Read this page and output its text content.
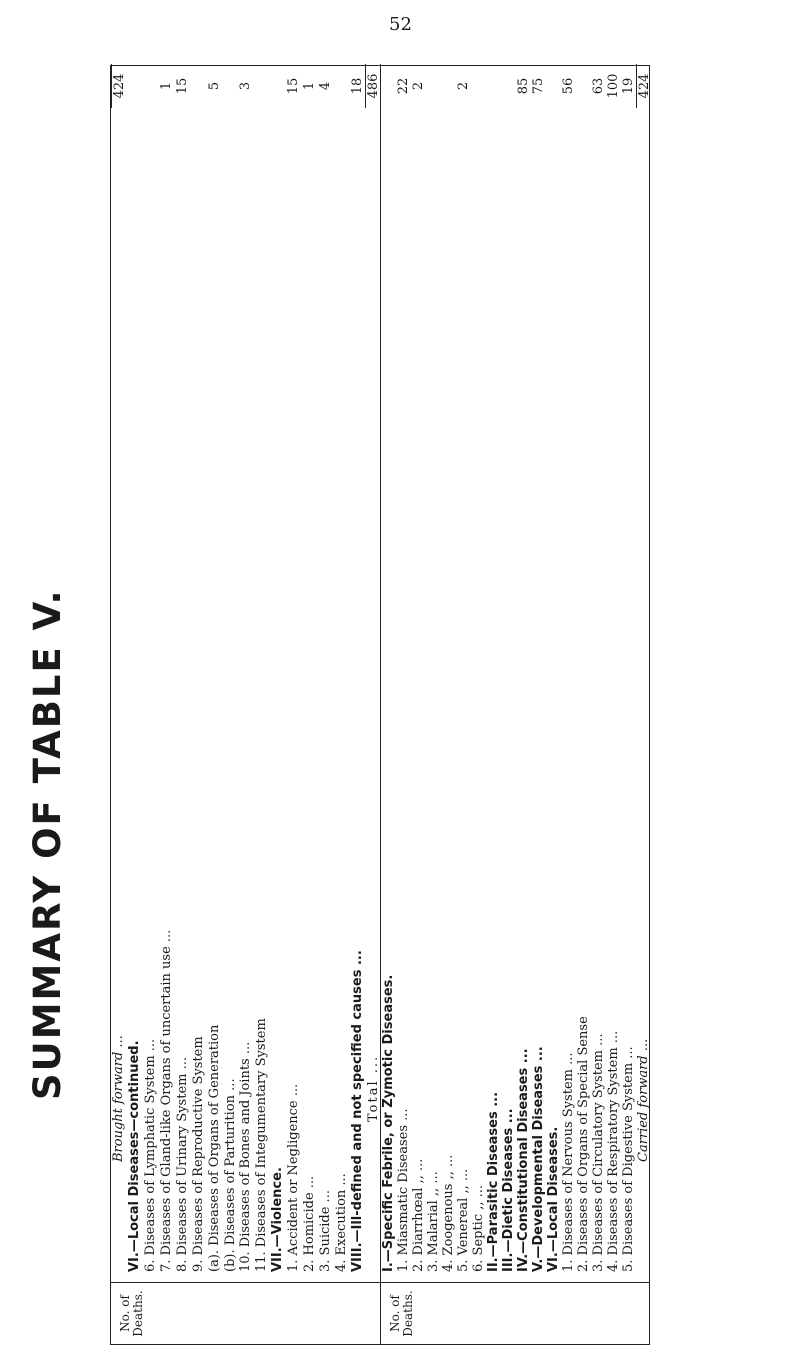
52
SUMMARY OF TABLE V.
No. of Deaths.
Brought forward ...
424
VI.—Local Diseases—continued. 6. Diseases of Lymphatic System ... 7. Diseases of Gland-like Organs of uncertain use ...
1
8. Diseases of Urinary System ...
15
9. Diseases of Reproductive System (a). Diseases of Organs of Generation
5
(b). Diseases of Parturition ... 10. Diseases of Bones and Joints ...
3
11. Diseases of Integumentary System VII.—Violence. 1. Accident or Negligence ...
15
2. Homicide ...
1
3. Suicide ...
4
4. Execution ... VIII.—Ill-defined and not specified causes ...
18
Total ...
486
No. of Deaths.
I.—Specific Febrile, or Zymotic Diseases. 1. Miasmatic Diseases ...
22
2. Diarrhœal ,, ...
2
3. Malarial ,, ... 4. Zoogenous ,, ... 5. Venereal ,, ...
2
6. Septic ,, ... II.—Parasitic Diseases ... III.—Dietic Diseases ... IV.—Constitutional Diseases ...
85
V.—Developmental Diseases ...
75
VI.—Local Diseases. 1. Diseases of Nervous System ...
56
2. Diseases of Organs of Special Sense 3. Diseases of Circulatory System ...
63
4. Diseases of Respiratory System ...
100
5. Diseases of Digestive System ...
19
Carried forward ...
424
